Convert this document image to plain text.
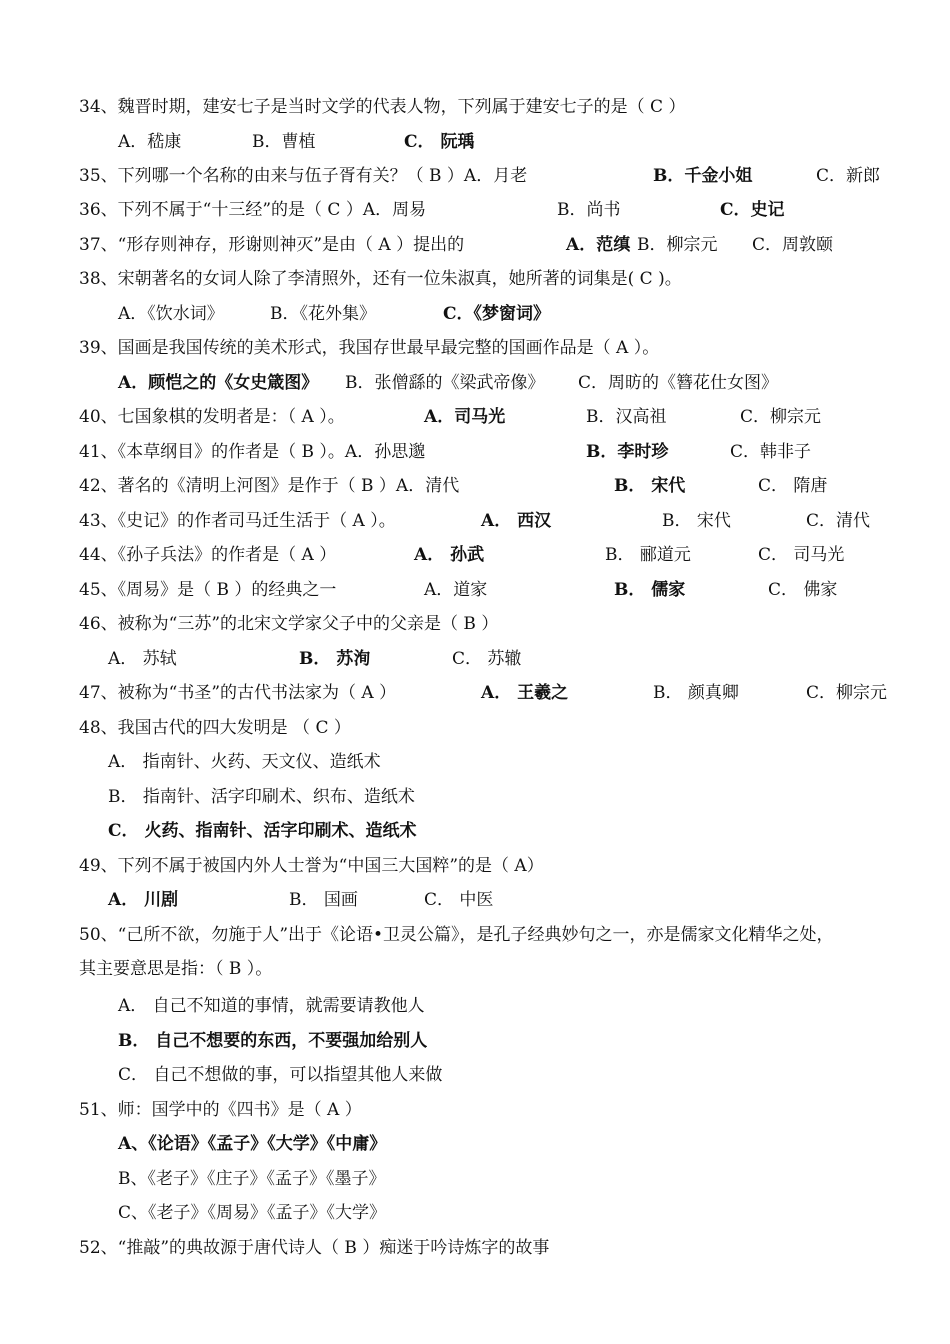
34、魏晋时期，建安七子是当时文学的代表人物，下列属于建安七子的是（ C ）
A．嵇康	B．曹植	C． 阮瑀
35、下列哪一个名称的由来与伍子胥有关？（ B ）A．月老	B．千金小姐	C．新郎
36、下列不属于“十三经”的是（ C ）A．周易	B．尚书	C．史记
37、“形存则神存，形谢则神灭”是由（ A ）提出的	A．范缜 B．柳宗元 C．周敦颐
38、宋朝著名的女词人除了李清照外，还有一位朱淑真，她所著的词集是( C )。
A．《饮水词》	B．《花外集》	C．《梦窗词》
39、国画是我国传统的美术形式，我国存世最早最完整的国画作品是（ A ）。
A．顾恺之的《女史箴图》 B．张僧繇的《梁武帝像》 C．周昉的《簪花仕女图》
40、七国象棋的发明者是：（ A ）。	A．司马光	B．汉高祖	C．柳宗元
41、《本草纲目》的作者是（ B ）。A．孙思邈	B．李时珍	C．韩非子
42、著名的《清明上河图》是作于（ B ）A．清代	B． 宋代	C． 隋唐
43、《史记》的作者司马迁生活于（ A ）。	A． 西汉	B． 宋代	C．清代
44、《孙子兵法》的作者是（ A ）	A． 孙武	B． 郦道元	C． 司马光
45、《周易》是（ B ）的经典之一	A．道家	B． 儒家	C． 佛家
46、被称为“三苏”的北宋文学家父子中的父亲是（ B ）
A． 苏轼	B． 苏洵	C． 苏辙
47、被称为“书圣”的古代书法家为（ A ）	A． 王羲之	B． 颜真卿	C．柳宗元
48、我国古代的四大发明是 （ C ）
A． 指南针、火药、天文仪、造纸术
B． 指南针、活字印刷术、织布、造纸术
C． 火药、指南针、活字印刷术、造纸术
49、下列不属于被国内外人士誉为“中国三大国粹”的是（ A）
A． 川剧	B． 国画	C． 中医
50、“己所不欲，勿施于人”出于《论语•卫灵公篇》，是孔子经典妙句之一，亦是儒家文化精华之处，
其主要意思是指：（ B ）。
A． 自己不知道的事情，就需要请教他人
B． 自己不想要的东西，不要强加给别人
C． 自己不想做的事，可以指望其他人来做
51、师：国学中的《四书》是（ A ）
A、《论语》《孟子》《大学》《中庸》
B、《老子》《庄子》《孟子》《墨子》
C、《老子》《周易》《孟子》《大学》
52、“推敲”的典故源于唐代诗人（ B ）痴迷于吟诗炼字的故事
